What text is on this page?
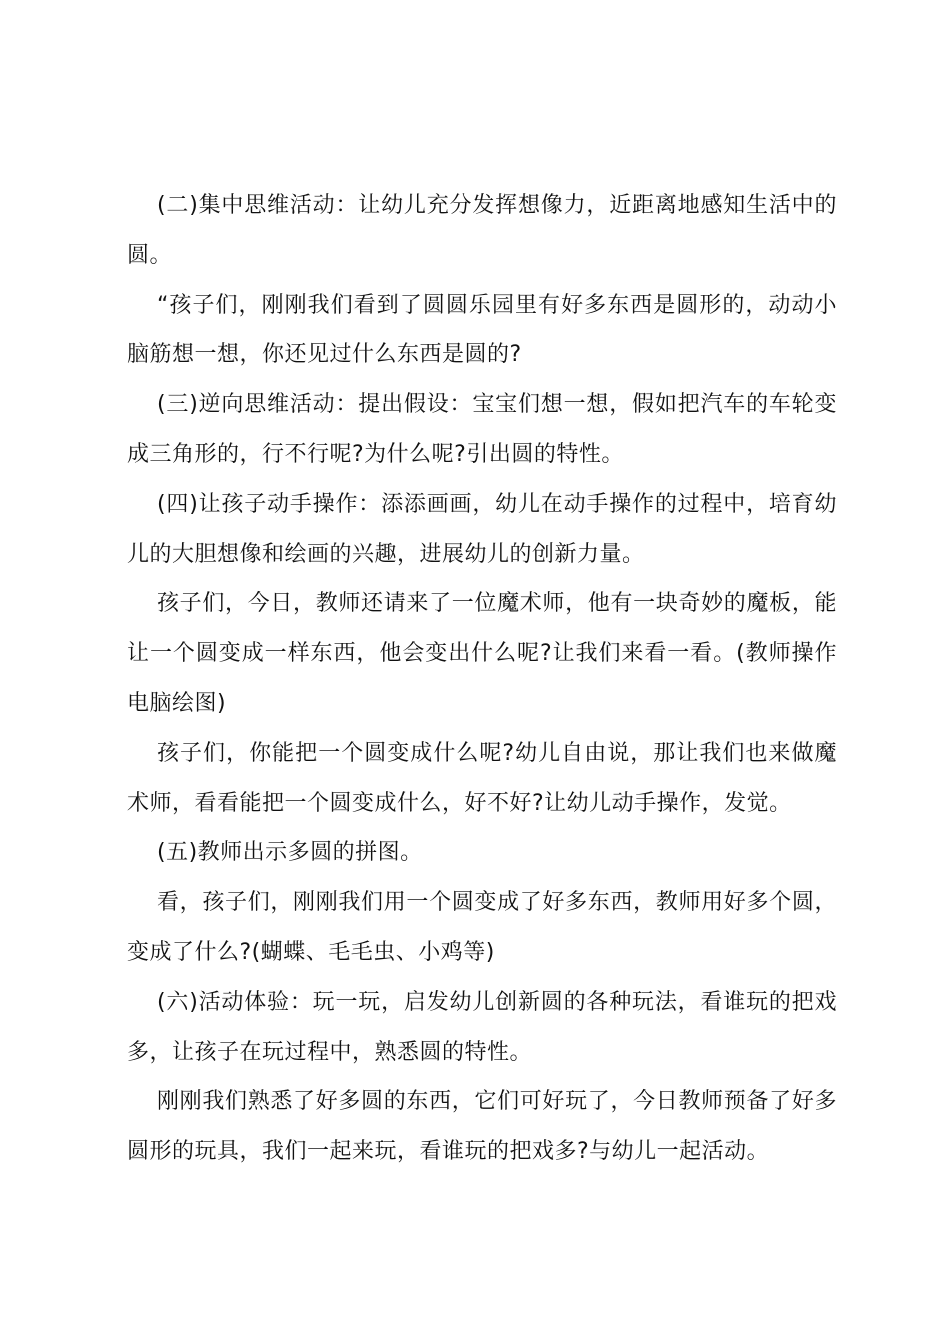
(二)集中思维活动：让幼儿充分发挥想像力，近距离地感知生活中的圆。

“孩子们，刚刚我们看到了圆圆乐园里有好多东西是圆形的，动动小脑筋想一想，你还见过什么东西是圆的?

(三)逆向思维活动：提出假设：宝宝们想一想，假如把汽车的车轮变成三角形的，行不行呢?为什么呢?引出圆的特性。

(四)让孩子动手操作：添添画画，幼儿在动手操作的过程中，培育幼儿的大胆想像和绘画的兴趣，进展幼儿的创新力量。

孩子们，今日，教师还请来了一位魔术师，他有一块奇妙的魔板，能让一个圆变成一样东西，他会变出什么呢?让我们来看一看。(教师操作电脑绘图)

孩子们，你能把一个圆变成什么呢?幼儿自由说，那让我们也来做魔术师，看看能把一个圆变成什么，好不好?让幼儿动手操作，发觉。

(五)教师出示多圆的拼图。

看，孩子们，刚刚我们用一个圆变成了好多东西，教师用好多个圆，变成了什么?(蝴蝶、毛毛虫、小鸡等)

(六)活动体验：玩一玩，启发幼儿创新圆的各种玩法，看谁玩的把戏多，让孩子在玩过程中，熟悉圆的特性。

刚刚我们熟悉了好多圆的东西，它们可好玩了，今日教师预备了好多圆形的玩具，我们一起来玩，看谁玩的把戏多?与幼儿一起活动。
